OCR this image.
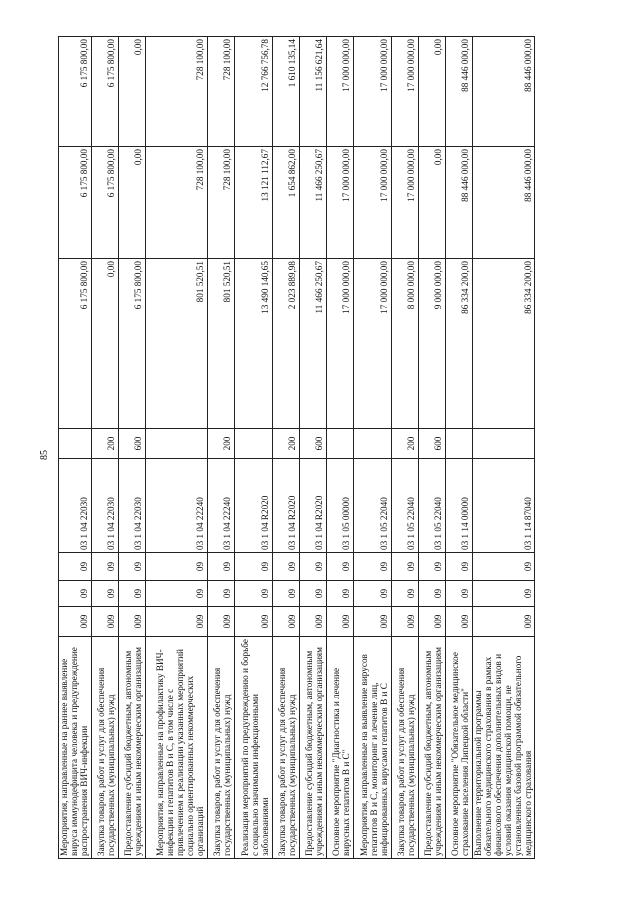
85
Мероприятия, направленные на раннее выявление вируса иммунодефицита человека и предупреждение распространения ВИЧ-инфекции	009	09	09	03 1 04 22030		6 175 800,00	6 175 800,00	6 175 800,00
Закупка товаров, работ и услуг для обеспечения государственных (муниципальных) нужд	009	09	09	03 1 04 22030	200	0,00	6 175 800,00	6 175 800,00
Предоставление субсидий бюджетным, автономным учреждениям и иным некоммерческим организациям	009	09	09	03 1 04 22030	600	6 175 800,00	0,00	0,00
Мероприятия, направленные на профилактику ВИЧ-инфекции и гепатитов В и С, в том числе с привлечением к реализации указанных мероприятий социально ориентированных некоммерческих организаций	009	09	09	03 1 04 22240		801 520,51	728 100,00	728 100,00
Закупка товаров, работ и услуг для обеспечения государственных (муниципальных) нужд	009	09	09	03 1 04 22240	200	801 520,51	728 100,00	728 100,00
Реализация мероприятий по предупреждению и борьбе с социально значимыми инфекционными заболеваниями	009	09	09	03 1 04 R2020		13 490 140,65	13 121 112,67	12 766 756,78
Закупка товаров, работ и услуг для обеспечения государственных (муниципальных) нужд	009	09	09	03 1 04 R2020	200	2 023 889,98	1 654 862,00	1 610 135,14
Предоставление субсидий бюджетным, автономным учреждениям и иным некоммерческим организациям	009	09	09	03 1 04 R2020	600	11 466 250,67	11 466 250,67	11 156 621,64
Основное мероприятие "Диагностика и лечение вирусных гепатитов В и С"	009	09	09	03 1 05 00000		17 000 000,00	17 000 000,00	17 000 000,00
Мероприятия, направленные на выявление вирусов гепатитов В и С, мониторинг и лечение лиц, инфицированных вирусами гепатитов В и С	009	09	09	03 1 05 22040		17 000 000,00	17 000 000,00	17 000 000,00
Закупка товаров, работ и услуг для обеспечения государственных (муниципальных) нужд	009	09	09	03 1 05 22040	200	8 000 000,00	17 000 000,00	17 000 000,00
Предоставление субсидий бюджетным, автономным учреждениям и иным некоммерческим организациям	009	09	09	03 1 05 22040	600	9 000 000,00	0,00	0,00
Основное мероприятие "Обязательное медицинское страхование населения Липецкой области"	009	09	09	03 1 14 00000		86 334 200,00	88 446 000,00	88 446 000,00
Выполнение территориальной программы обязательного медицинского страхования в рамках финансового обеспечения дополнительных видов и условий оказания медицинской помощи, не установленных базовой программой обязательного медицинского страхования	009	09	09	03 1 14 87040		86 334 200,00	88 446 000,00	88 446 000,00
